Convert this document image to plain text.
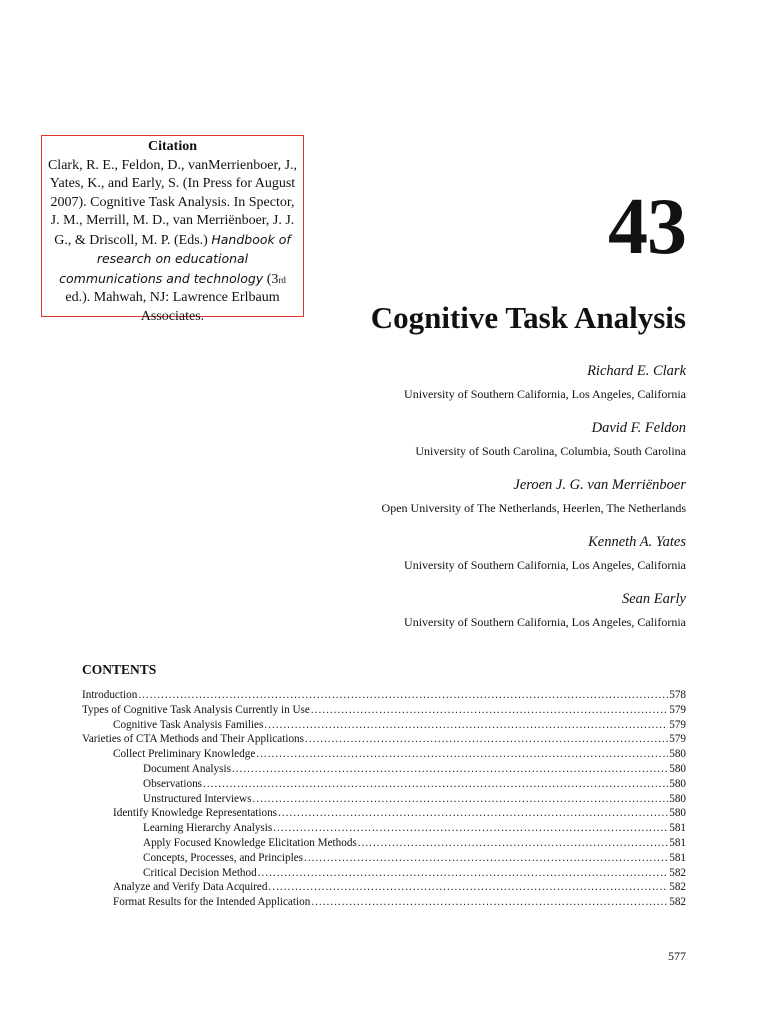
Citation
Clark, R. E., Feldon, D., vanMerrienboer, J., Yates, K., and Early, S. (In Press for August 2007). Cognitive Task Analysis. In Spector, J. M., Merrill, M. D., van Merriënboer, J. J. G., & Driscoll, M. P. (Eds.) Handbook of research on educational communications and technology (3rd ed.). Mahwah, NJ: Lawrence Erlbaum Associates.
43
Cognitive Task Analysis
Richard E. Clark
University of Southern California, Los Angeles, California
David F. Feldon
University of South Carolina, Columbia, South Carolina
Jeroen J. G. van Merriënboer
Open University of The Netherlands, Heerlen, The Netherlands
Kenneth A. Yates
University of Southern California, Los Angeles, California
Sean Early
University of Southern California, Los Angeles, California
CONTENTS
Introduction .....	578
Types of Cognitive Task Analysis Currently in Use .....	579
Cognitive Task Analysis Families .....	579
Varieties of CTA Methods and Their Applications .....	579
Collect Preliminary Knowledge .....	580
Document Analysis .....	580
Observations .....	580
Unstructured Interviews .....	580
Identify Knowledge Representations .....	580
Learning Hierarchy Analysis .....	581
Apply Focused Knowledge Elicitation Methods .....	581
Concepts, Processes, and Principles .....	581
Critical Decision Method .....	582
Analyze and Verify Data Acquired .....	582
Format Results for the Intended Application .....	582
577
